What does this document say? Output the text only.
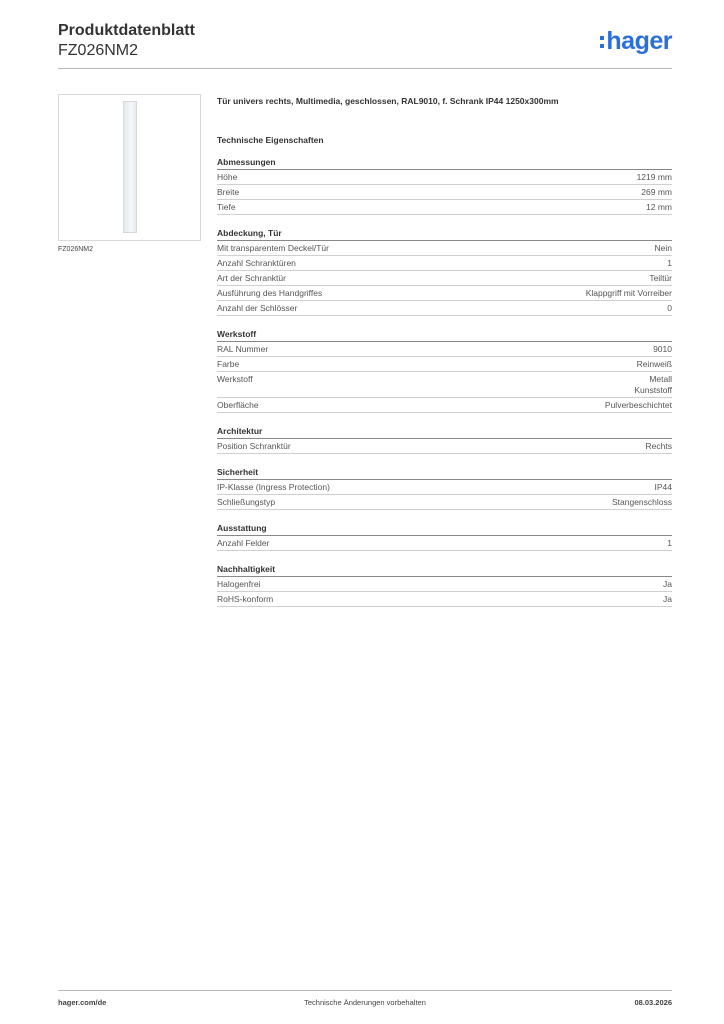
Produktdatenblatt
FZ026NM2	hager
FZ026NM2
Tür univers rechts, Multimedia, geschlossen, RAL9010, f. Schrank IP44 1250x300mm
Technische Eigenschaften
Abmessungen
Höhe	1219 mm
Breite	269 mm
Tiefe	12 mm
Abdeckung, Tür
Mit transparentem Deckel/Tür	Nein
Anzahl Schranktüren	1
Art der Schranktür	Teiltür
Ausführung des Handgriffes	Klappgriff mit Vorreiber
Anzahl der Schlösser	0
Werkstoff
RAL Nummer	9010
Farbe	Reinweiß
Werkstoff	Metall
Kunststoff
Oberfläche	Pulverbeschichtet
Architektur
Position Schranktür	Rechts
Sicherheit
IP-Klasse (Ingress Protection)	IP44
Schließungstyp	Stangenschloss
Ausstattung
Anzahl Felder	1
Nachhaltigkeit
Halogenfrei	Ja
RoHS-konform	Ja
hager.com/de	Technische Änderungen vorbehalten	08.03.2026
